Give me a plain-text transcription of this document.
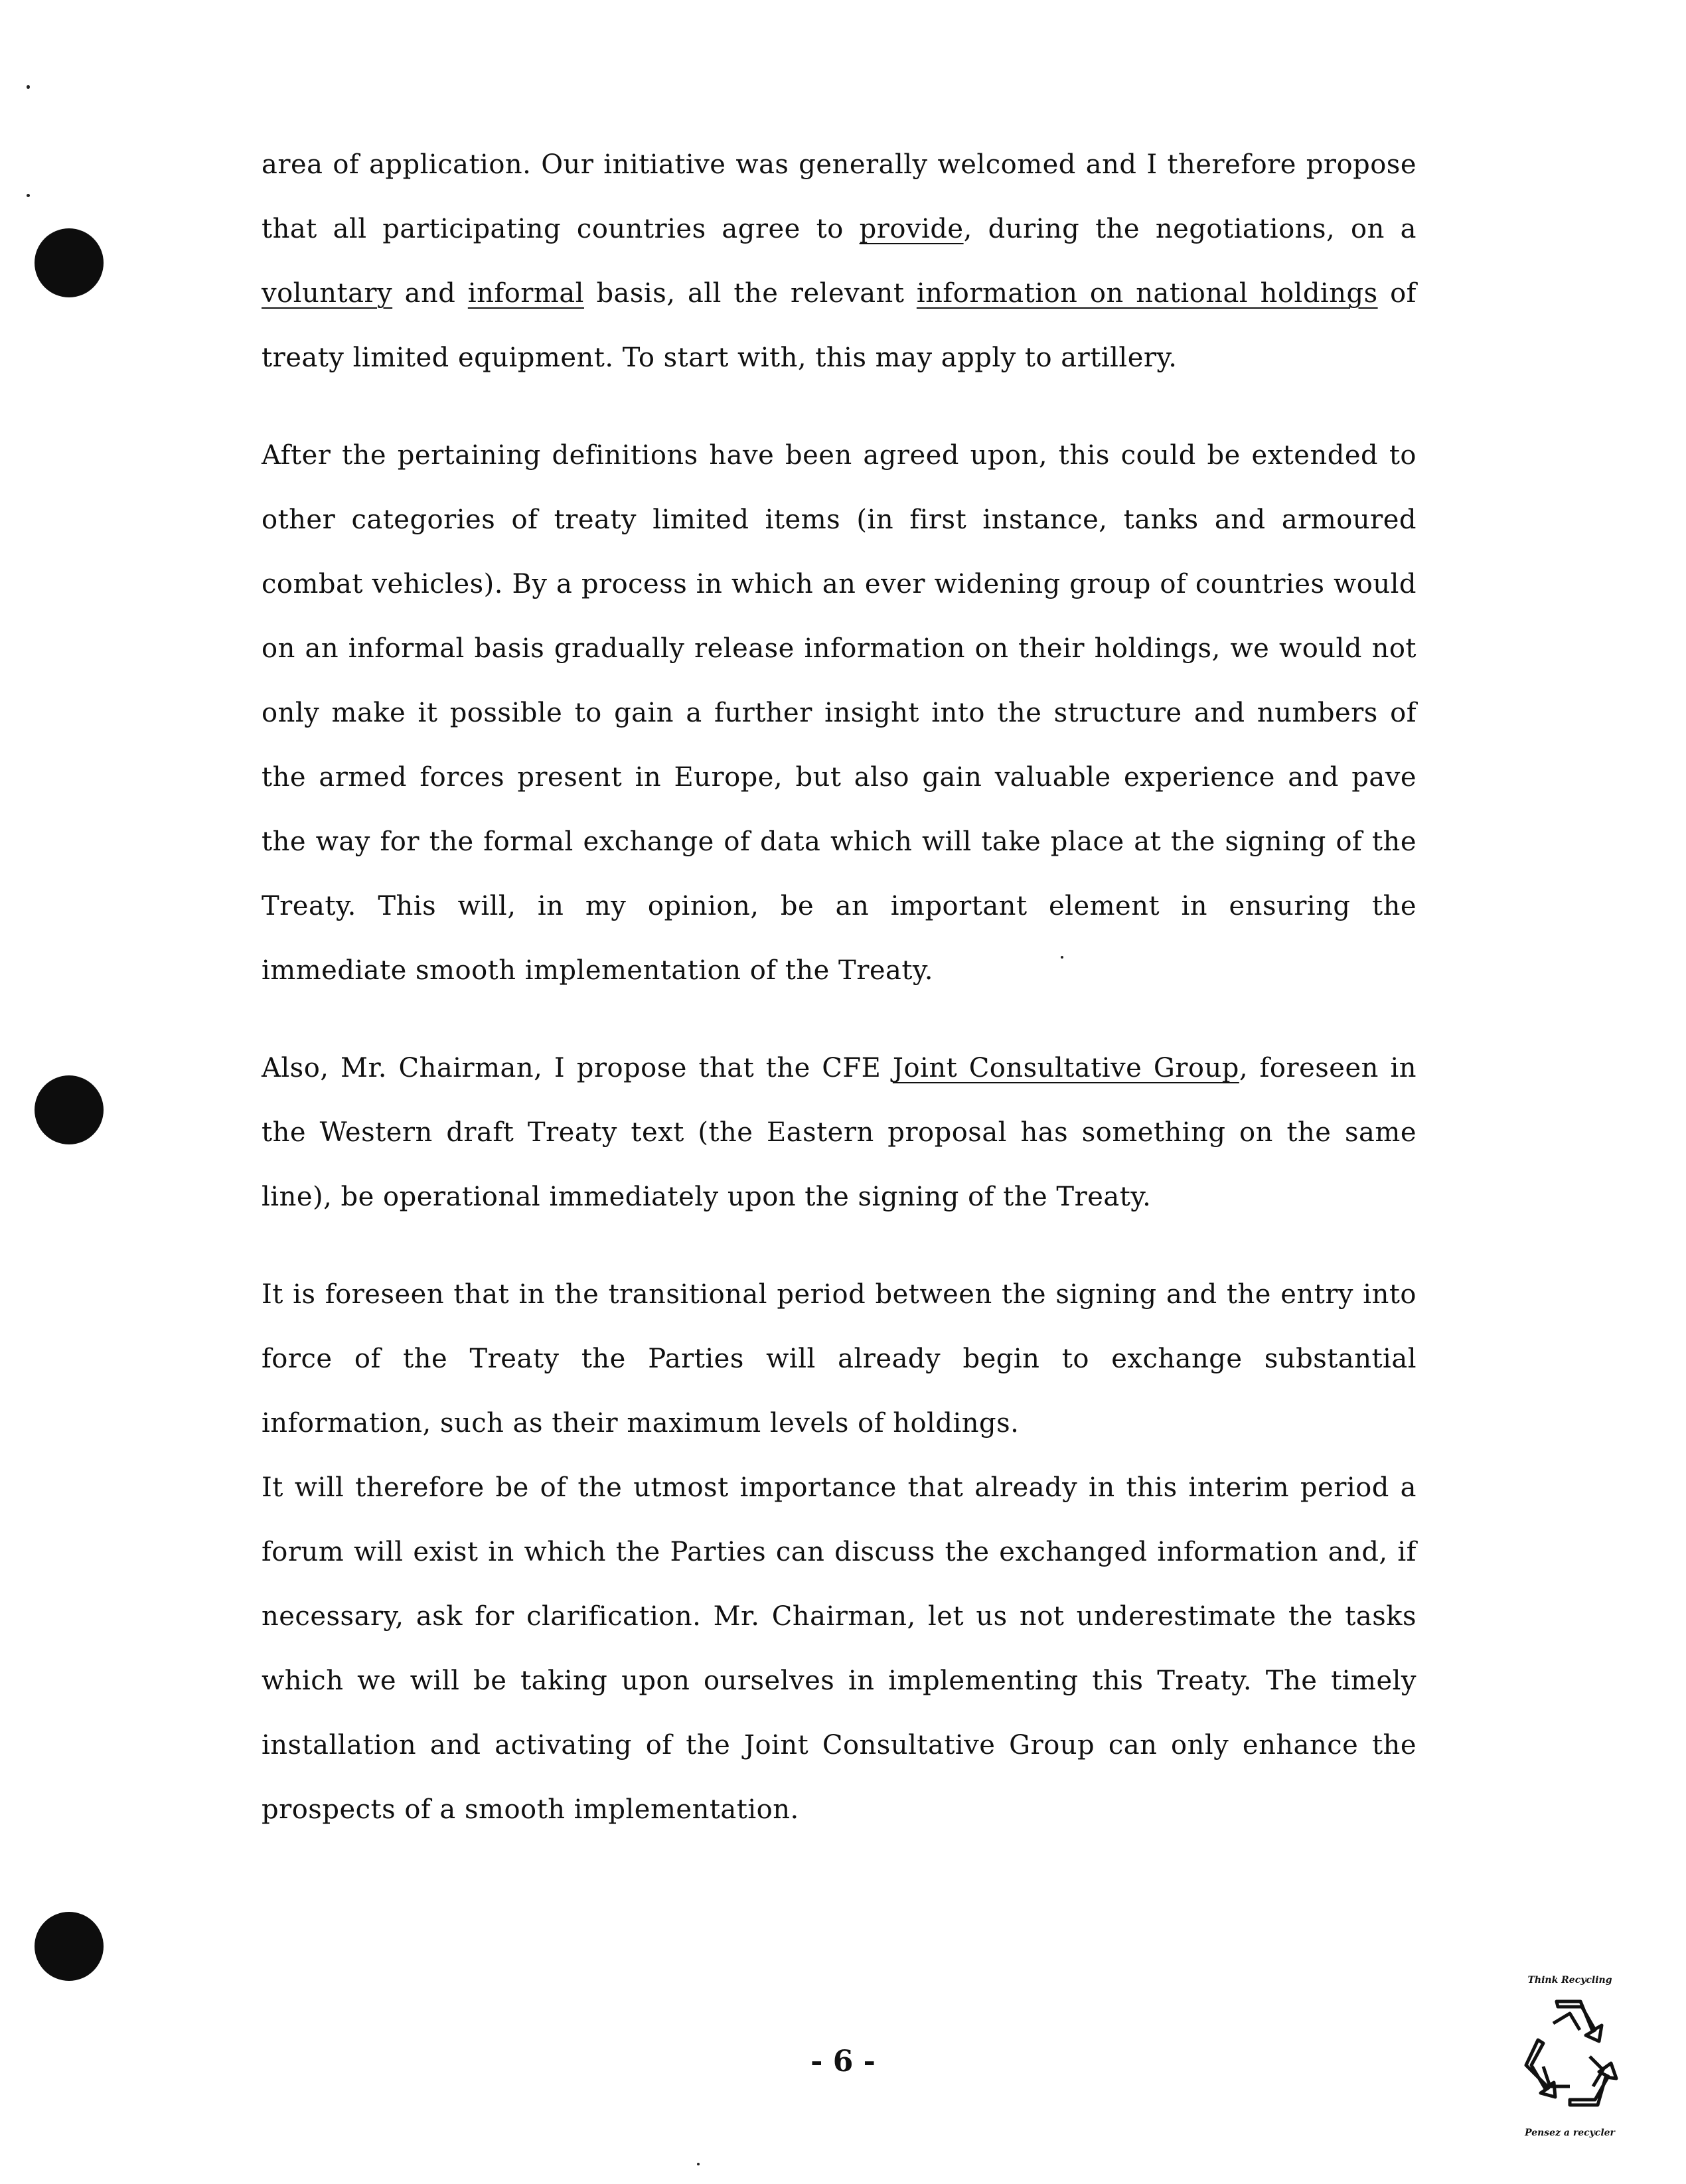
area of application. Our initiative was generally welcomed and I therefore propose that all participating countries agree to provide, during the negotiations, on a voluntary and informal basis, all the relevant information on national holdings of treaty limited equipment. To start with, this may apply to artillery.

After the pertaining definitions have been agreed upon, this could be extended to other categories of treaty limited items (in first instance, tanks and armoured combat vehicles). By a process in which an ever widening group of countries would on an informal basis gradually release information on their holdings, we would not only make it possible to gain a further insight into the structure and numbers of the armed forces present in Europe, but also gain valuable experience and pave the way for the formal exchange of data which will take place at the signing of the Treaty. This will, in my opinion, be an important element in ensuring the immediate smooth implementation of the Treaty.

Also, Mr. Chairman, I propose that the CFE Joint Consultative Group, foreseen in the Western draft Treaty text (the Eastern proposal has something on the same line), be operational immediately upon the signing of the Treaty.

It is foreseen that in the transitional period between the signing and the entry into force of the Treaty the Parties will already begin to exchange substantial information, such as their maximum levels of holdings.

It will therefore be of the utmost importance that already in this interim period a forum will exist in which the Parties can discuss the exchanged information and, if necessary, ask for clarification. Mr. Chairman, let us not underestimate the tasks which we will be taking upon ourselves in implementing this Treaty. The timely installation and activating of the Joint Consultative Group can only enhance the prospects of a smooth implementation.

- 6 -
Think Recycling
Pensez a recycler
